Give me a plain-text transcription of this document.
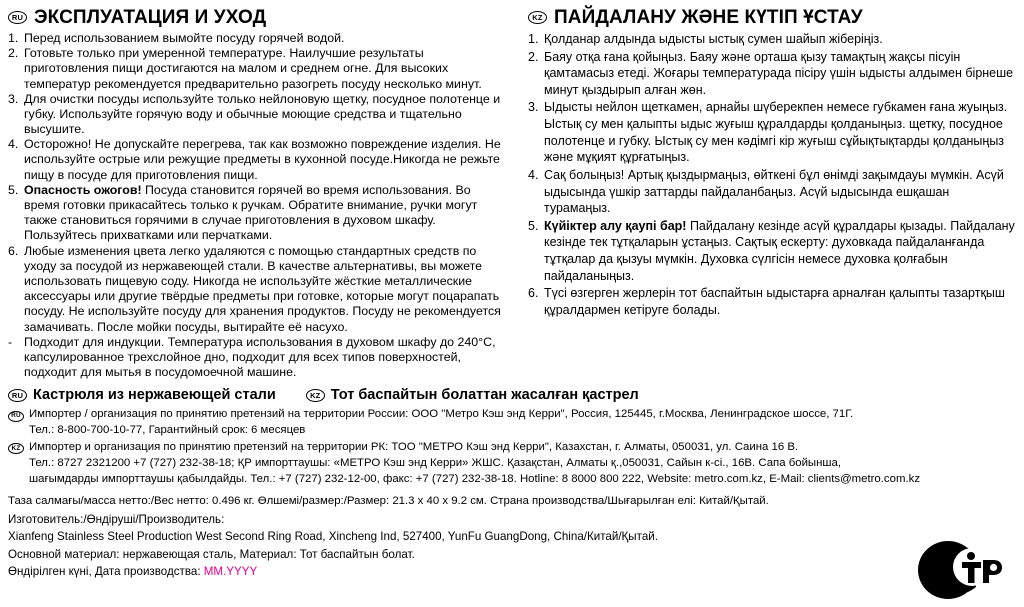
RU ЭКСПЛУАТАЦИЯ И УХОД
1. Перед использованием вымойте посуду горячей водой.
2. Готовьте только при умеренной температуре. Наилучшие результаты приготовления пищи достигаются на малом и среднем огне. Для высоких температур рекомендуется предварительно разогреть посуду несколько минут.
3. Для очистки посуды используйте только нейлоновую щетку, посудное полотенце и губку. Используйте горячую воду и обычные моющие средства и тщательно высушите.
4. Осторожно! Не допускайте перегрева, так как возможно повреждение изделия. Не используйте острые или режущие предметы в кухонной посуде.Никогда не режьте пищу в посуде для приготовления пищи.
5. Опасность ожогов! Посуда становится горячей во время использования. Во время готовки прикасайтесь только к ручкам. Обратите внимание, ручки могут также становиться горячими в случае приготовления в духовом шкафу. Пользуйтесь прихватками или перчатками.
6. Любые изменения цвета легко удаляются с помощью стандартных средств по уходу за посудой из нержавеющей стали. В качестве альтернативы, вы можете использовать пищевую соду. Никогда не используйте жёсткие металлические аксессуары или другие твёрдые предметы при готовке, которые могут поцарапать посуду. Не используйте посуду для хранения продуктов. Посуду не рекомендуется замачивать. После мойки посуды, вытирайте её насухо.
- Подходит для индукции. Температура использования в духовом шкафу до 240°C, капсулированное трехслойное дно, подходит для всех типов поверхностей, подходит для мытья в посудомоечной машине.
KZ ПАЙДАЛАНУ ЖӘНЕ КҮТІП ҰСТАУ
1. Қолданар алдында ыдысты ыстық сумен шайып жіберіңіз.
2. Баяу отқа ғана қойыңыз. Баяу және орташа қызу тамақтың жақсы пісуін қамтамасыз етеді. Жоғары температурада пісіру үшін ыдысты алдымен бірнеше минут қыздырып алған жөн.
3. Ыдысты нейлон щеткамен, арнайы шүберекпен немесе губкамен ғана жуыңыз. Ыстық су мен қалыпты ыдыс жуғыш құралдарды қолданыңыз. щетку, посудное полотенце и губку. Ыстық су мен кәдімгі кір жуғыш сұйықтықтарды қолданыңыз және мұқият құрғатыңыз.
4. Сақ болыңыз! Артық қыздырмаңыз, өйткені бұл өнімді зақымдауы мүмкін. Асүй ыдысында үшкір заттарды пайдаланбаңыз. Асүй ыдысында ешқашан турамаңыз.
5. Күйіктер алу қаупі бар! Пайдалану кезінде асүй құралдары қызады. Пайдалану кезінде тек тұтқаларын ұстаңыз. Сақтық ескерту: духовкада пайдаланғанда тұтқалар да қызуы мүмкін. Духовка сүлгісін немесе духовка қолғабын пайдаланыңыз.
6. Түсі өзгерген жерлерін тот баспайтын ыдыстарға арналған қалыпты тазартқыш құралдармен кетіруге болады.
RU Кастрюля из нержавеющей стали	KZ Тот баспайтын болаттан жасалған қастрел
RU Импортер / организация по принятию претензий на территории России: ООО "Метро Кэш энд Керри", Россия, 125445, г.Москва, Ленинградское шоссе, 71Г.
Тел.: 8-800-700-10-77, Гарантийный срок: 6 месяцев
KZ Импортер и организация по принятию претензий на территории РК: ТОО "МЕТРО Кэш энд Керри", Казахстан, г. Алматы, 050031, ул. Саина 16 В.
Тел.: 8727 2321200 +7 (727) 232-38-18; ҚР импорттаушы: «МЕТРО Кэш энд Керри» ЖШС. Қазақстан, Алматы қ.,050031, Сайын к-сі., 16В. Сапа бойынша,
шағымдарды импорттаушы қабылдайды. Тел.: +7 (727) 232-12-00, факс: +7 (727) 232-38-18. Hotline: 8 8000 800 222, Website: metro.com.kz, E-Mail: clients@metro.com.kz
Таза салмағы/масса нетто:/Вес нетто: 0.496 кг. Өлшемі/размер:/Размер: 21.3 x 40 x 9.2 см. Страна производства/Шығарылған елі: Китай/Қытай.
Изготовитель:/Өндіруші/Производитель:
Xianfeng Stainless Steel Production West Second Ring Road, Xincheng Ind, 527400, YunFu GuangDong, China/Китай/Қытай.
Основной материал: нержавеющая сталь, Материал: Тот баспайтын болат.
Өндірілген күні, Дата производства: MM.YYYY
